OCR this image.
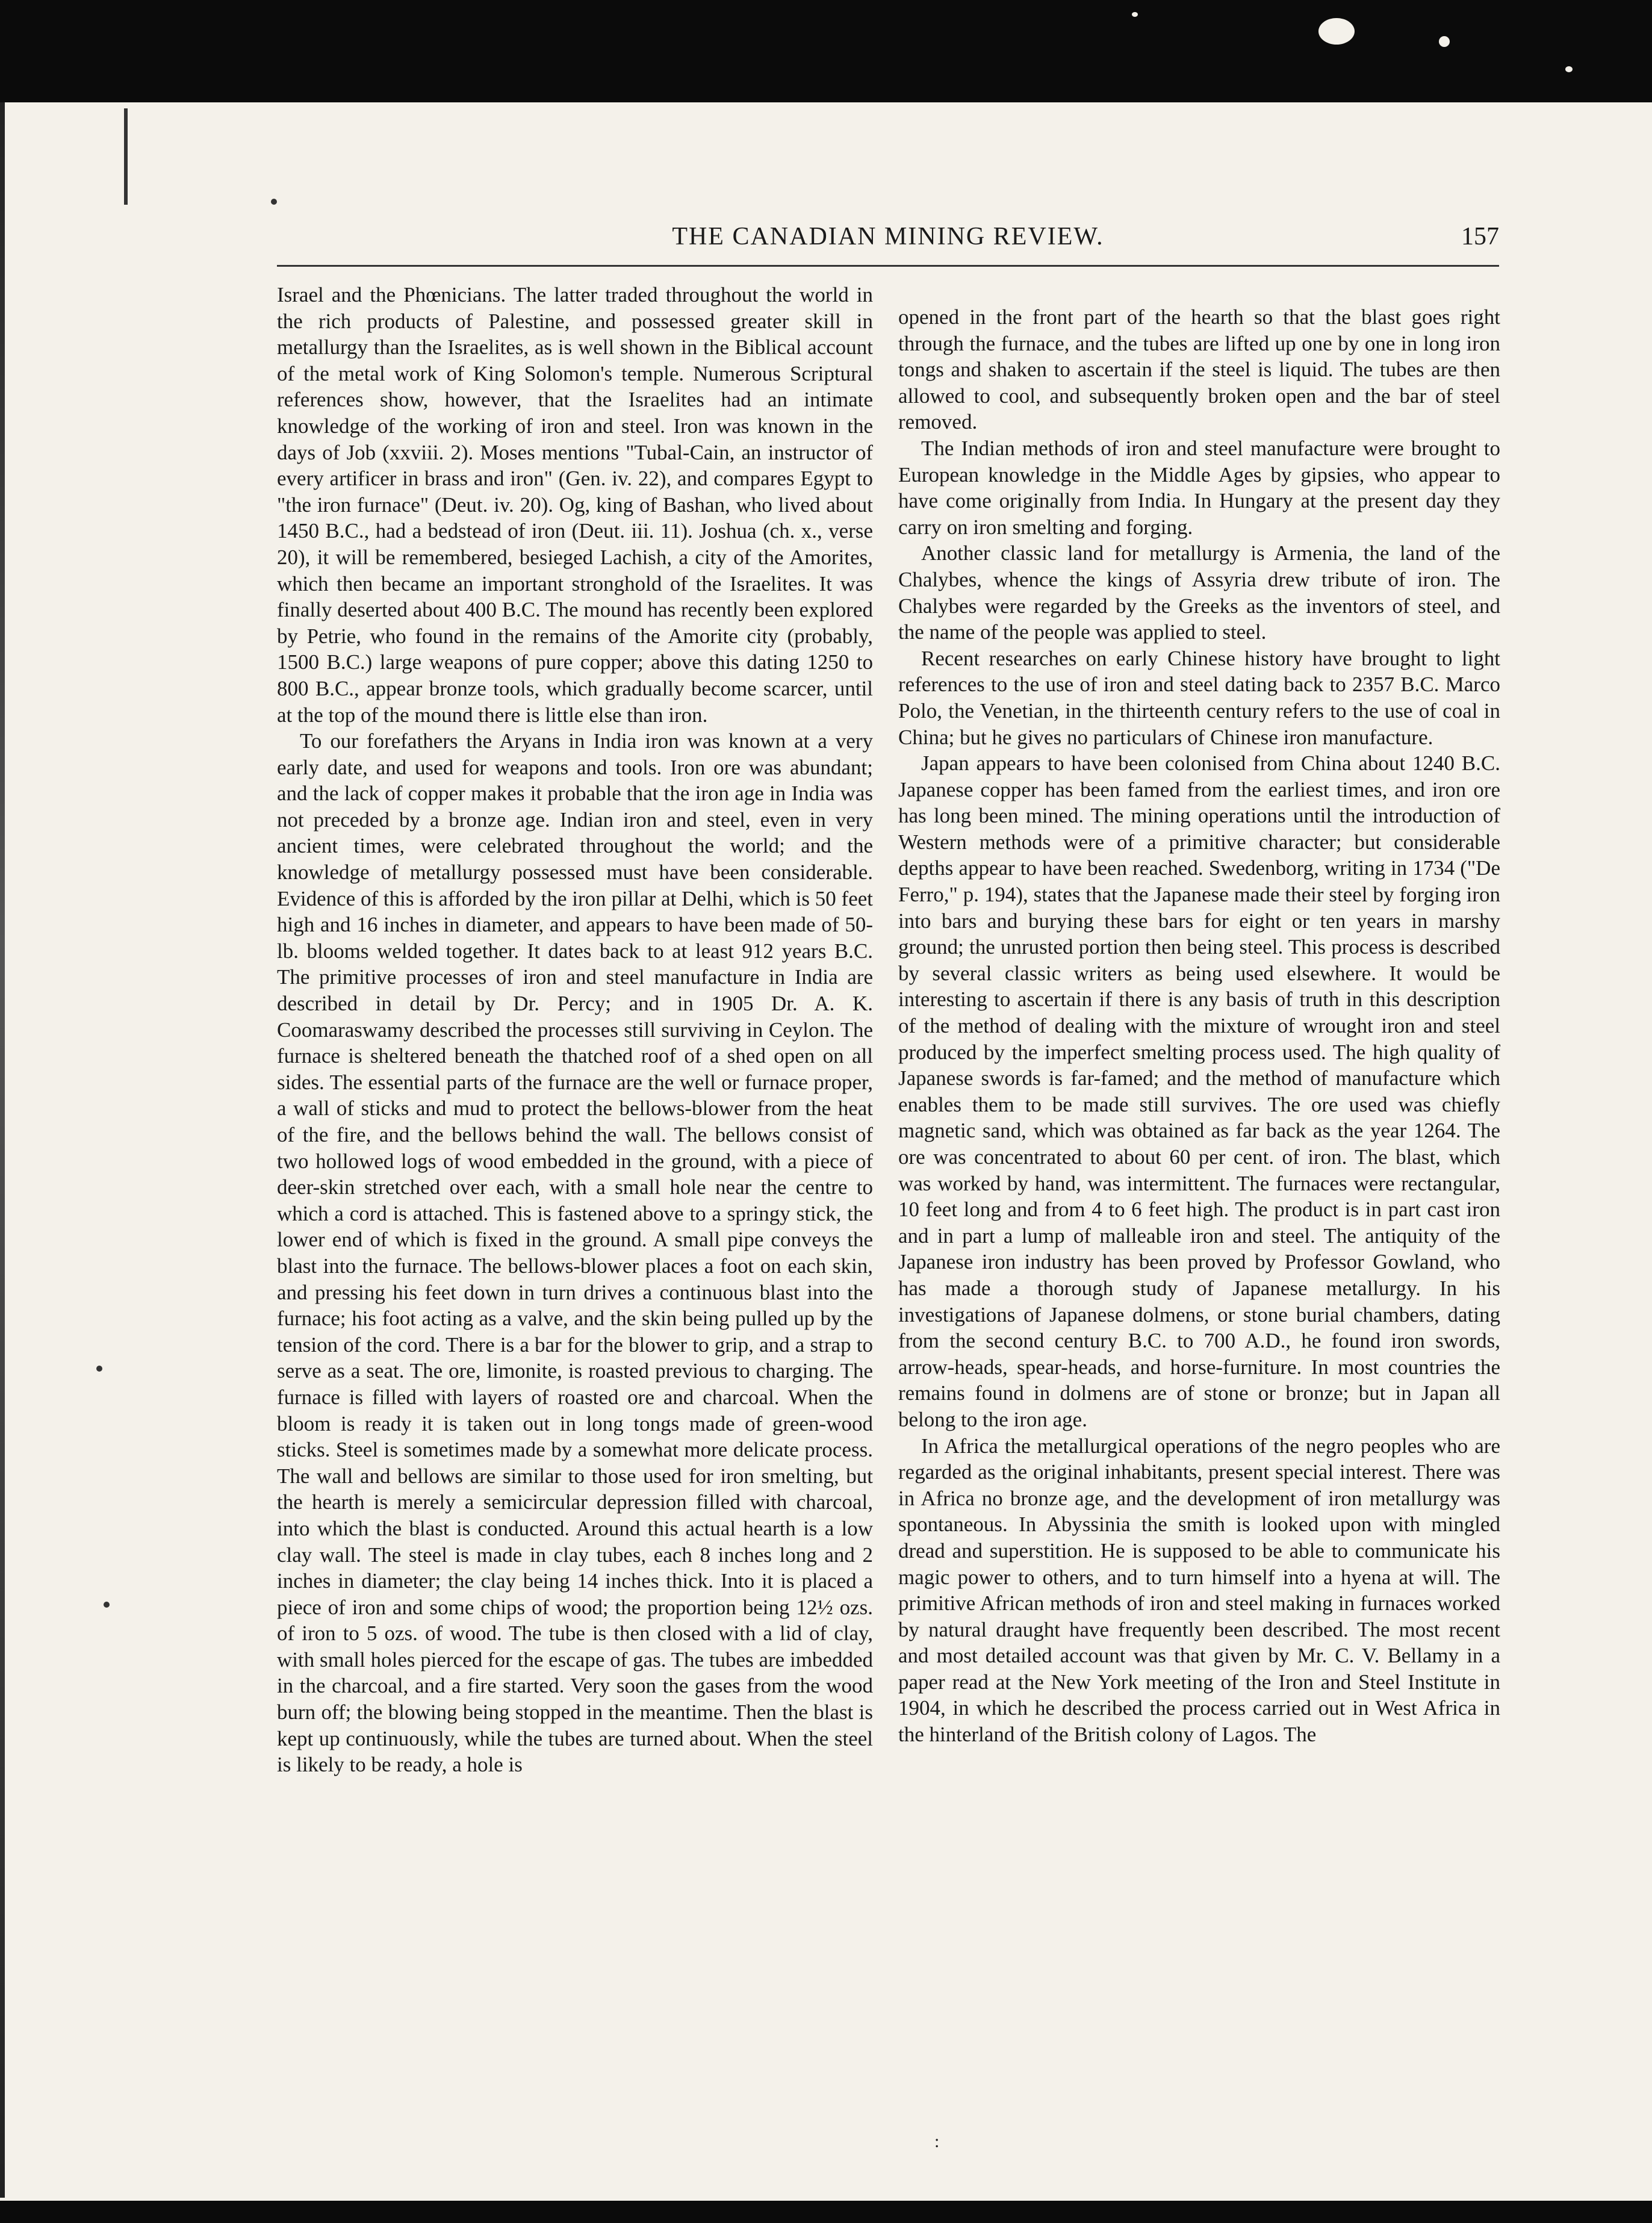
THE CANADIAN MINING REVIEW.	157

Israel and the Phœnicians. The latter traded throughout the world in the rich products of Palestine, and possessed greater skill in metallurgy than the Israelites, as is well shown in the Biblical account of the metal work of King Solomon's temple. Numerous Scriptural references show, however, that the Israelites had an intimate knowledge of the working of iron and steel. Iron was known in the days of Job (xxviii. 2). Moses mentions "Tubal-Cain, an instructor of every artificer in brass and iron" (Gen. iv. 22), and compares Egypt to "the iron furnace" (Deut. iv. 20). Og, king of Bashan, who lived about 1450 B.C., had a bedstead of iron (Deut. iii. 11). Joshua (ch. x., verse 20), it will be remembered, besieged Lachish, a city of the Amorites, which then became an important stronghold of the Israelites. It was finally deserted about 400 B.C. The mound has recently been explored by Petrie, who found in the remains of the Amorite city (probably, 1500 B.C.) large weapons of pure copper; above this dating 1250 to 800 B.C., appear bronze tools, which gradually become scarcer, until at the top of the mound there is little else than iron.

To our forefathers the Aryans in India iron was known at a very early date, and used for weapons and tools. Iron ore was abundant; and the lack of copper makes it probable that the iron age in India was not preceded by a bronze age. Indian iron and steel, even in very ancient times, were celebrated throughout the world; and the knowledge of metallurgy possessed must have been considerable. Evidence of this is afforded by the iron pillar at Delhi, which is 50 feet high and 16 inches in diameter, and appears to have been made of 50-lb. blooms welded together. It dates back to at least 912 years B.C. The primitive processes of iron and steel manufacture in India are described in detail by Dr. Percy; and in 1905 Dr. A. K. Coomaraswamy described the processes still surviving in Ceylon. The furnace is sheltered beneath the thatched roof of a shed open on all sides. The essential parts of the furnace are the well or furnace proper, a wall of sticks and mud to protect the bellows-blower from the heat of the fire, and the bellows behind the wall. The bellows consist of two hollowed logs of wood embedded in the ground, with a piece of deer-skin stretched over each, with a small hole near the centre to which a cord is attached. This is fastened above to a springy stick, the lower end of which is fixed in the ground. A small pipe conveys the blast into the furnace. The bellows-blower places a foot on each skin, and pressing his feet down in turn drives a continuous blast into the furnace; his foot acting as a valve, and the skin being pulled up by the tension of the cord. There is a bar for the blower to grip, and a strap to serve as a seat. The ore, limonite, is roasted previous to charging. The furnace is filled with layers of roasted ore and charcoal. When the bloom is ready it is taken out in long tongs made of green-wood sticks. Steel is sometimes made by a somewhat more delicate process. The wall and bellows are similar to those used for iron smelting, but the hearth is merely a semicircular depression filled with charcoal, into which the blast is conducted. Around this actual hearth is a low clay wall. The steel is made in clay tubes, each 8 inches long and 2 inches in diameter; the clay being 14 inches thick. Into it is placed a piece of iron and some chips of wood; the proportion being 12½ ozs. of iron to 5 ozs. of wood. The tube is then closed with a lid of clay, with small holes pierced for the escape of gas. The tubes are imbedded in the charcoal, and a fire started. Very soon the gases from the wood burn off; the blowing being stopped in the meantime. Then the blast is kept up continuously, while the tubes are turned about. When the steel is likely to be ready, a hole is

opened in the front part of the hearth so that the blast goes right through the furnace, and the tubes are lifted up one by one in long iron tongs and shaken to ascertain if the steel is liquid. The tubes are then allowed to cool, and subsequently broken open and the bar of steel removed.

The Indian methods of iron and steel manufacture were brought to European knowledge in the Middle Ages by gipsies, who appear to have come originally from India. In Hungary at the present day they carry on iron smelting and forging.

Another classic land for metallurgy is Armenia, the land of the Chalybes, whence the kings of Assyria drew tribute of iron. The Chalybes were regarded by the Greeks as the inventors of steel, and the name of the people was applied to steel.

Recent researches on early Chinese history have brought to light references to the use of iron and steel dating back to 2357 B.C. Marco Polo, the Venetian, in the thirteenth century refers to the use of coal in China; but he gives no particulars of Chinese iron manufacture.

Japan appears to have been colonised from China about 1240 B.C. Japanese copper has been famed from the earliest times, and iron ore has long been mined. The mining operations until the introduction of Western methods were of a primitive character; but considerable depths appear to have been reached. Swedenborg, writing in 1734 ("De Ferro," p. 194), states that the Japanese made their steel by forging iron into bars and burying these bars for eight or ten years in marshy ground; the unrusted portion then being steel. This process is described by several classic writers as being used elsewhere. It would be interesting to ascertain if there is any basis of truth in this description of the method of dealing with the mixture of wrought iron and steel produced by the imperfect smelting process used. The high quality of Japanese swords is far-famed; and the method of manufacture which enables them to be made still survives. The ore used was chiefly magnetic sand, which was obtained as far back as the year 1264. The ore was concentrated to about 60 per cent. of iron. The blast, which was worked by hand, was intermittent. The furnaces were rectangular, 10 feet long and from 4 to 6 feet high. The product is in part cast iron and in part a lump of malleable iron and steel. The antiquity of the Japanese iron industry has been proved by Professor Gowland, who has made a thorough study of Japanese metallurgy. In his investigations of Japanese dolmens, or stone burial chambers, dating from the second century B.C. to 700 A.D., he found iron swords, arrow-heads, spear-heads, and horse-furniture. In most countries the remains found in dolmens are of stone or bronze; but in Japan all belong to the iron age.

In Africa the metallurgical operations of the negro peoples who are regarded as the original inhabitants, present special interest. There was in Africa no bronze age, and the development of iron metallurgy was spontaneous. In Abyssinia the smith is looked upon with mingled dread and superstition. He is supposed to be able to communicate his magic power to others, and to turn himself into a hyena at will. The primitive African methods of iron and steel making in furnaces worked by natural draught have frequently been described. The most recent and most detailed account was that given by Mr. C. V. Bellamy in a paper read at the New York meeting of the Iron and Steel Institute in 1904, in which he described the process carried out in West Africa in the hinterland of the British colony of Lagos. The

:
